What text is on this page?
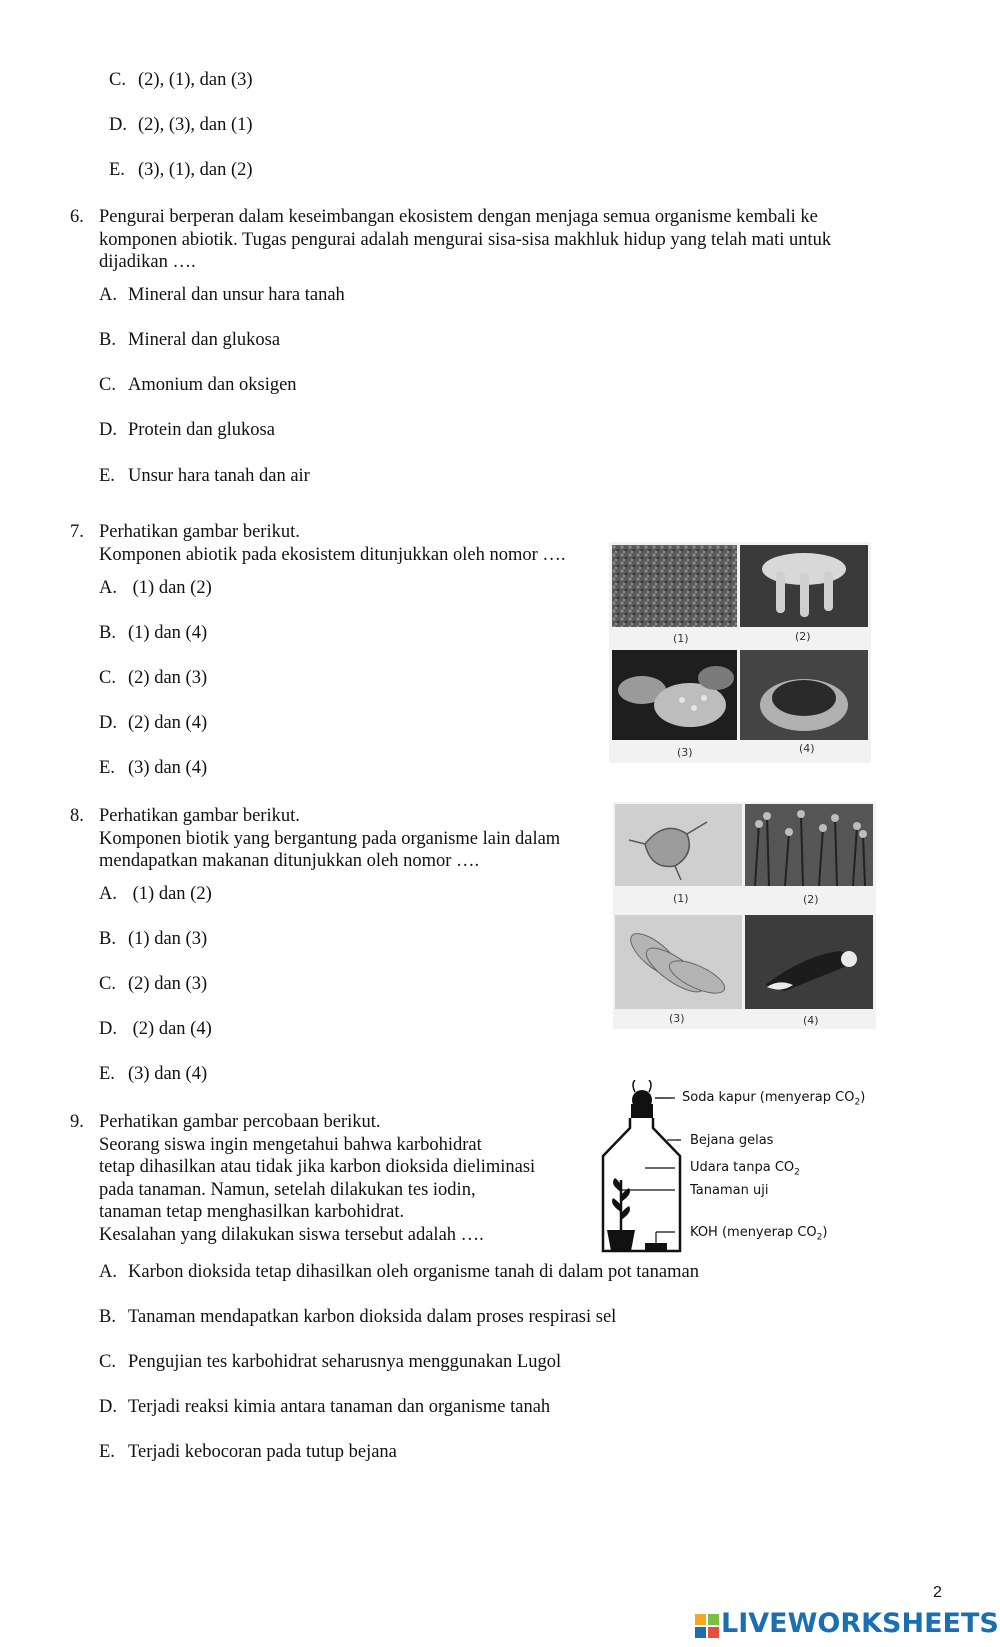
C. (2), (1), dan (3)
D. (2), (3), dan (1)
E. (3), (1), dan (2)
6. Pengurai berperan dalam keseimbangan ekosistem dengan menjaga semua organisme kembali ke
komponen abiotik. Tugas pengurai adalah mengurai sisa-sisa makhluk hidup yang telah mati untuk
dijadikan ….
A. Mineral dan unsur hara tanah
B. Mineral dan glukosa
C. Amonium dan oksigen
D. Protein dan glukosa
E. Unsur hara tanah dan air
7. Perhatikan gambar berikut.
Komponen abiotik pada ekosistem ditunjukkan oleh nomor ….
A. (1) dan (2)
B. (1) dan (4)
C. (2) dan (3)
D. (2) dan (4)
E. (3) dan (4)
(1)	(2)
(3)	(4)
8. Perhatikan gambar berikut.
Komponen biotik yang bergantung pada organisme lain dalam
mendapatkan makanan ditunjukkan oleh nomor ….
A. (1) dan (2)
B. (1) dan (3)
C. (2) dan (3)
D. (2) dan (4)
E. (3) dan (4)
(1)	(2)
(3)	(4)
9. Perhatikan gambar percobaan berikut.
Seorang siswa ingin mengetahui bahwa karbohidrat
tetap dihasilkan atau tidak jika karbon dioksida dieliminasi
pada tanaman. Namun, setelah dilakukan tes iodin,
tanaman tetap menghasilkan karbohidrat.
Kesalahan yang dilakukan siswa tersebut adalah ….
Soda kapur (menyerap $CO_2$)
Bejana gelas
Udara tanpa $CO_2$
Tanaman uji
KOH (menyerap $CO_2$)
A. Karbon dioksida tetap dihasilkan oleh organisme tanah di dalam pot tanaman
B. Tanaman mendapatkan karbon dioksida dalam proses respirasi sel
C. Pengujian tes karbohidrat seharusnya menggunakan Lugol
D. Terjadi reaksi kimia antara tanaman dan organisme tanah
E. Terjadi kebocoran pada tutup bejana
2
LIVEWORKSHEETS
